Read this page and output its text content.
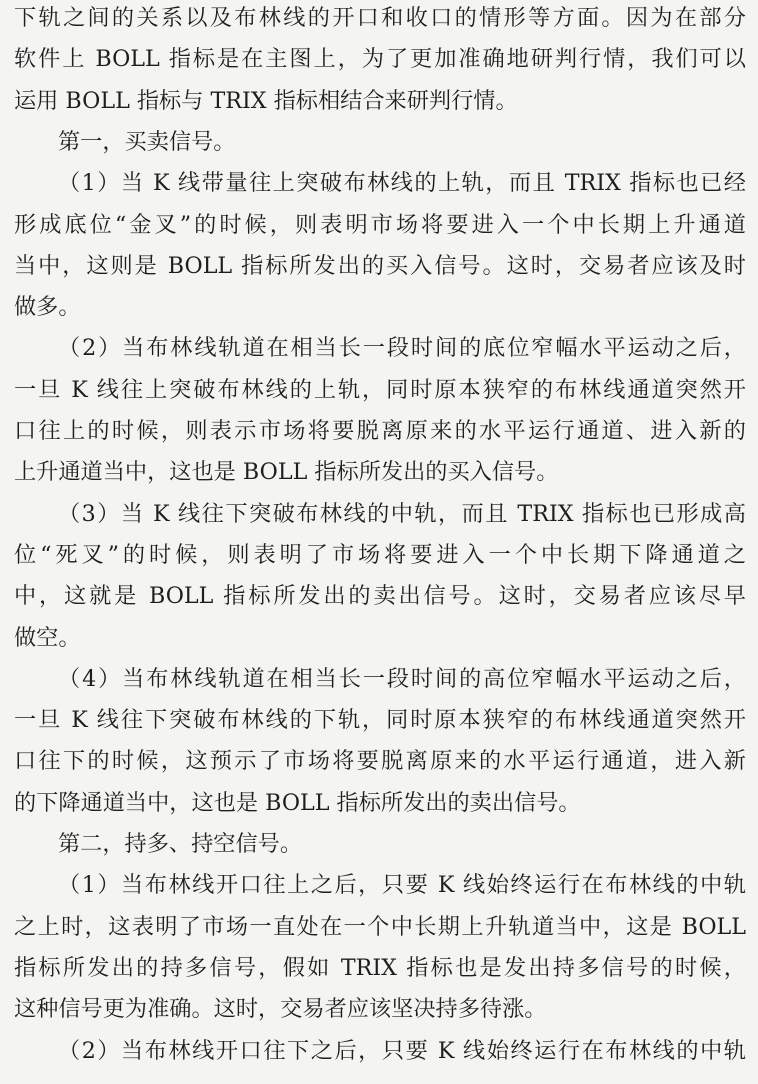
下轨之间的关系以及布林线的开口和收口的情形等方面。因为在部分
软件上 BOLL 指标是在主图上，为了更加准确地研判行情，我们可以
运用 BOLL 指标与 TRIX 指标相结合来研判行情。
第一，买卖信号。
（1）当 K 线带量往上突破布林线的上轨，而且 TRIX 指标也已经
形成底位“金叉”的时候，则表明市场将要进入一个中长期上升通道
当中，这则是 BOLL 指标所发出的买入信号。这时，交易者应该及时
做多。
（2）当布林线轨道在相当长一段时间的底位窄幅水平运动之后，
一旦 K 线往上突破布林线的上轨，同时原本狭窄的布林线通道突然开
口往上的时候，则表示市场将要脱离原来的水平运行通道、进入新的
上升通道当中，这也是 BOLL 指标所发出的买入信号。
（3）当 K 线往下突破布林线的中轨，而且 TRIX 指标也已形成高
位“死叉”的时候，则表明了市场将要进入一个中长期下降通道之
中，这就是 BOLL 指标所发出的卖出信号。这时，交易者应该尽早
做空。
（4）当布林线轨道在相当长一段时间的高位窄幅水平运动之后，
一旦 K 线往下突破布林线的下轨，同时原本狭窄的布林线通道突然开
口往下的时候，这预示了市场将要脱离原来的水平运行通道，进入新
的下降通道当中，这也是 BOLL 指标所发出的卖出信号。
第二，持多、持空信号。
（1）当布林线开口往上之后，只要 K 线始终运行在布林线的中轨
之上时，这表明了市场一直处在一个中长期上升轨道当中，这是 BOLL
指标所发出的持多信号，假如 TRIX 指标也是发出持多信号的时候，
这种信号更为准确。这时，交易者应该坚决持多待涨。
（2）当布林线开口往下之后，只要 K 线始终运行在布林线的中轨
